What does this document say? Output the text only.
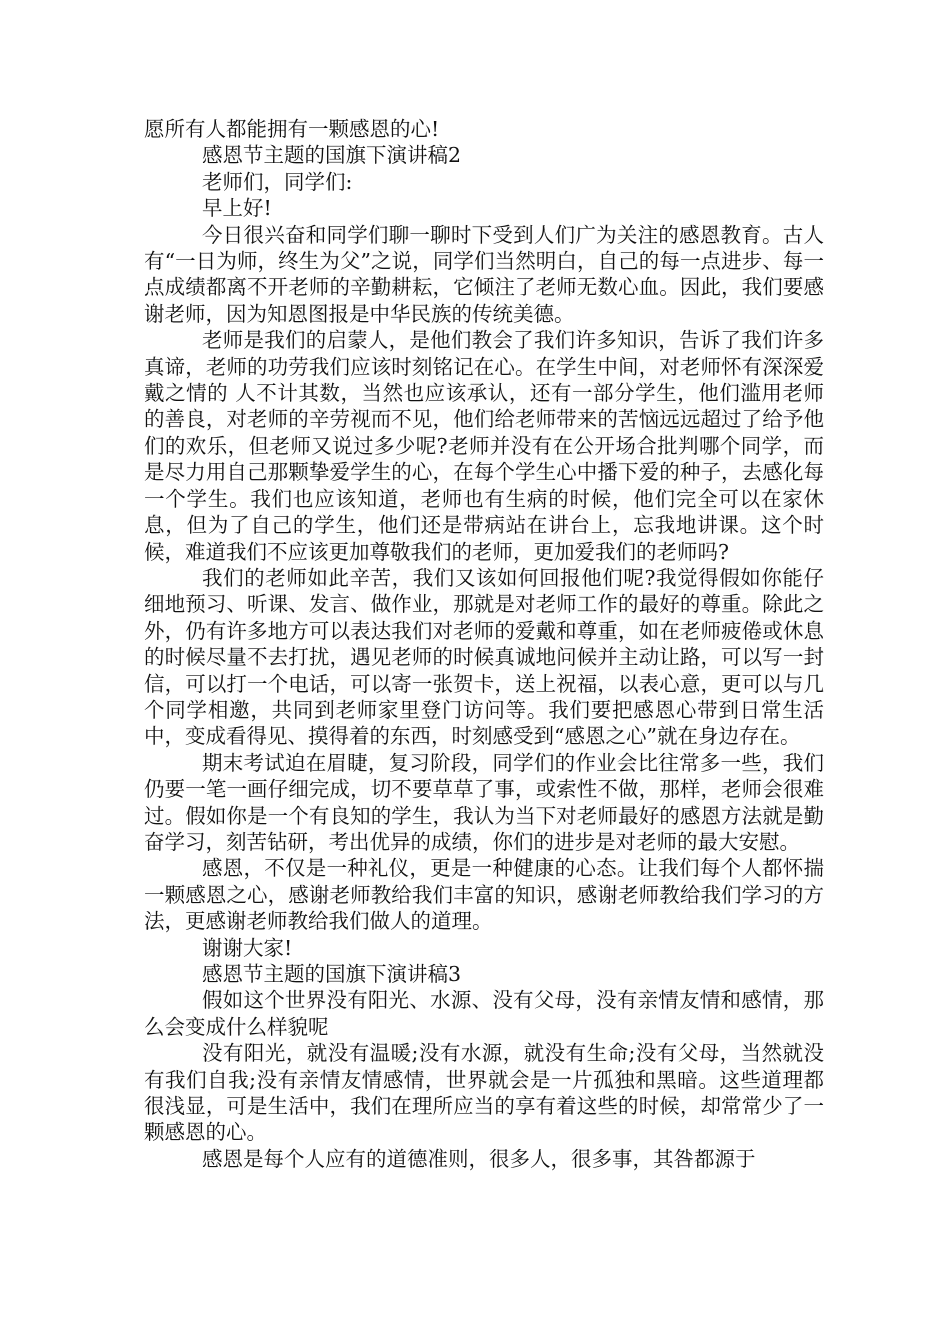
愿所有人都能拥有一颗感恩的心!

感恩节主题的国旗下演讲稿2

老师们，同学们:

早上好!

今日很兴奋和同学们聊一聊时下受到人们广为关注的感恩教育。古人有“一日为师，终生为父”之说，同学们当然明白，自己的每一点进步、每一点成绩都离不开老师的辛勤耕耘，它倾注了老师无数心血。因此，我们要感谢老师，因为知恩图报是中华民族的传统美德。

老师是我们的启蒙人，是他们教会了我们许多知识，告诉了我们许多真谛，老师的功劳我们应该时刻铭记在心。在学生中间，对老师怀有深深爱戴之情的 人不计其数，当然也应该承认，还有一部分学生，他们滥用老师的善良，对老师的辛劳视而不见，他们给老师带来的苦恼远远超过了给予他们的欢乐，但老师又说过多少呢?老师并没有在公开场合批判哪个同学，而是尽力用自己那颗挚爱学生的心，在每个学生心中播下爱的种子，去感化每一个学生。我们也应该知道，老师也有生病的时候，他们完全可以在家休息，但为了自己的学生，他们还是带病站在讲台上，忘我地讲课。这个时候，难道我们不应该更加尊敬我们的老师，更加爱我们的老师吗?

我们的老师如此辛苦，我们又该如何回报他们呢?我觉得假如你能仔细地预习、听课、发言、做作业，那就是对老师工作的最好的尊重。除此之外，仍有许多地方可以表达我们对老师的爱戴和尊重，如在老师疲倦或休息的时候尽量不去打扰，遇见老师的时候真诚地问候并主动让路，可以写一封信，可以打一个电话，可以寄一张贺卡，送上祝福，以表心意，更可以与几个同学相邀，共同到老师家里登门访问等。我们要把感恩心带到日常生活中，变成看得见、摸得着的东西，时刻感受到“感恩之心”就在身边存在。

期末考试迫在眉睫，复习阶段，同学们的作业会比往常多一些，我们仍要一笔一画仔细完成，切不要草草了事，或索性不做，那样，老师会很难过。假如你是一个有良知的学生，我认为当下对老师最好的感恩方法就是勤奋学习，刻苦钻研，考出优异的成绩，你们的进步是对老师的最大安慰。

感恩，不仅是一种礼仪，更是一种健康的心态。让我们每个人都怀揣一颗感恩之心，感谢老师教给我们丰富的知识，感谢老师教给我们学习的方法，更感谢老师教给我们做人的道理。

谢谢大家!

感恩节主题的国旗下演讲稿3

假如这个世界没有阳光、水源、没有父母，没有亲情友情和感情，那么会变成什么样貌呢

没有阳光，就没有温暖;没有水源，就没有生命;没有父母，当然就没有我们自我;没有亲情友情感情，世界就会是一片孤独和黑暗。这些道理都很浅显，可是生活中，我们在理所应当的享有着这些的时候，却常常少了一颗感恩的心。

感恩是每个人应有的道德准则，很多人，很多事，其咎都源于
